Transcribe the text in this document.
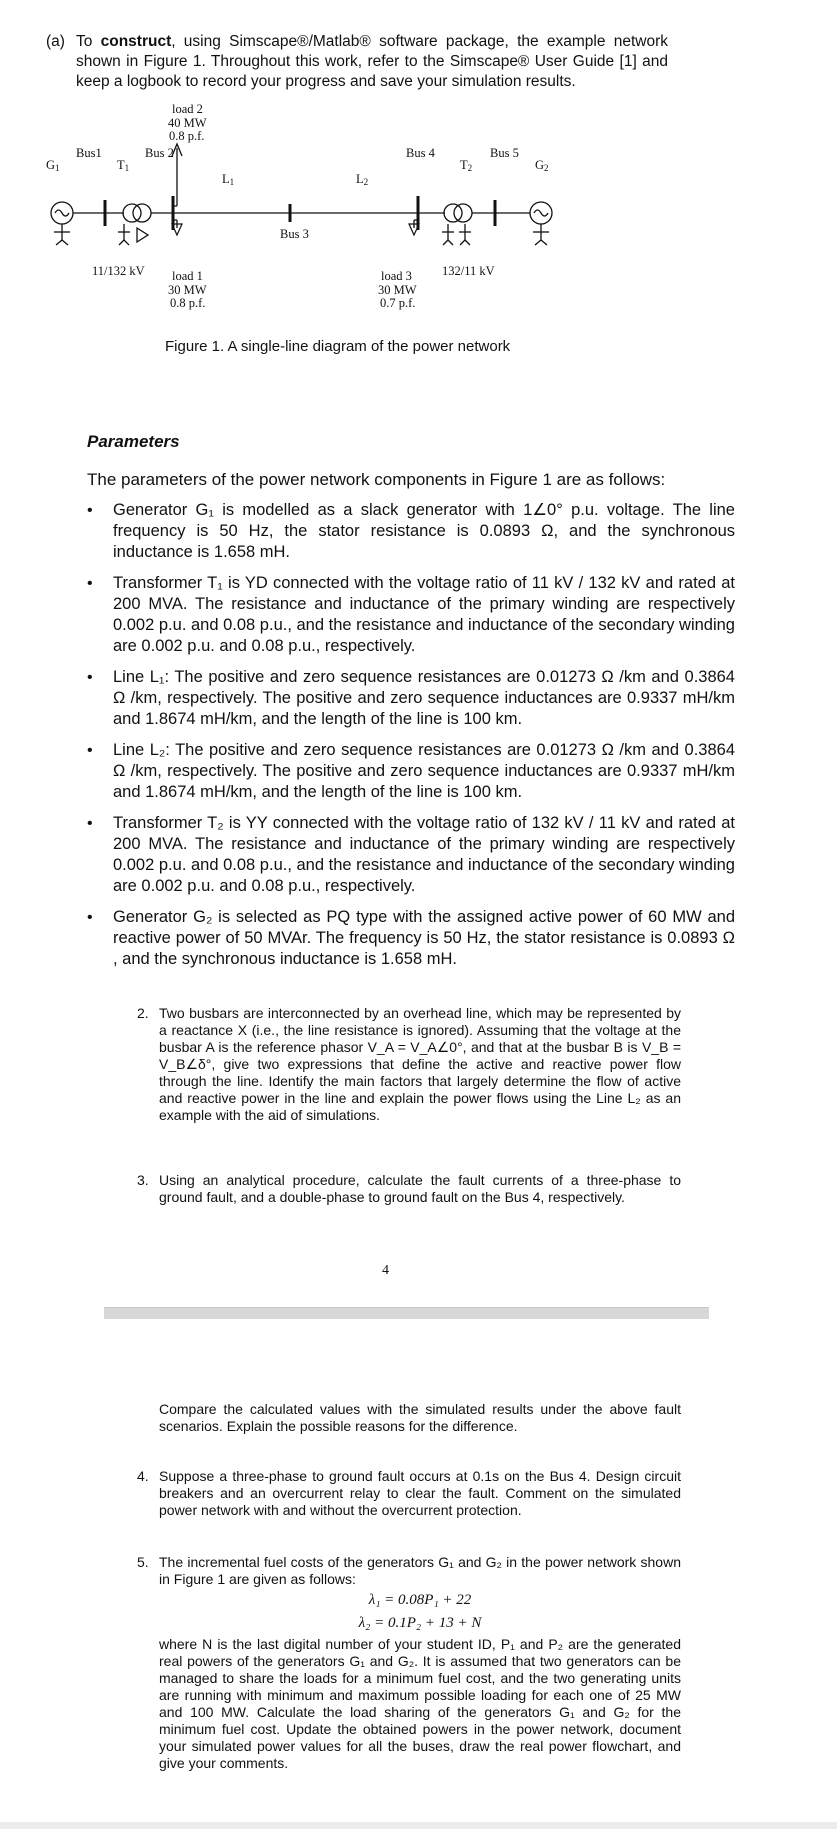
(a) To construct, using Simscape®/Matlab® software package, the example network shown in Figure 1. Throughout this work, refer to the Simscape® User Guide [1] and keep a logbook to record your progress and save your simulation results.
load 2
40 MW
0.8 p.f.
Bus1
$T_1$
Bus 2
$G_1$
$L_1$	$L_2$
Bus 3
Bus 4	Bus 5
$T_2$	$G_2$
11/132 kV	132/11 kV
load 1
30 MW
0.8 p.f.
load 3
30 MW
0.7 p.f.
Figure 1. A single-line diagram of the power network
Parameters
The parameters of the power network components in Figure 1 are as follows:
• Generator G₁ is modelled as a slack generator with 1∠0° p.u. voltage. The line frequency is 50 Hz, the stator resistance is 0.0893 Ω, and the synchronous inductance is 1.658 mH.
• Transformer T₁ is YD connected with the voltage ratio of 11 kV / 132 kV and rated at 200 MVA. The resistance and inductance of the primary winding are respectively 0.002 p.u. and 0.08 p.u., and the resistance and inductance of the secondary winding are 0.002 p.u. and 0.08 p.u., respectively.
• Line L₁: The positive and zero sequence resistances are 0.01273 Ω /km and 0.3864 Ω /km, respectively. The positive and zero sequence inductances are 0.9337 mH/km and 1.8674 mH/km, and the length of the line is 100 km.
• Line L₂: The positive and zero sequence resistances are 0.01273 Ω /km and 0.3864 Ω /km, respectively. The positive and zero sequence inductances are 0.9337 mH/km and 1.8674 mH/km, and the length of the line is 100 km.
• Transformer T₂ is YY connected with the voltage ratio of 132 kV / 11 kV and rated at 200 MVA. The resistance and inductance of the primary winding are respectively 0.002 p.u. and 0.08 p.u., and the resistance and inductance of the secondary winding are 0.002 p.u. and 0.08 p.u., respectively.
• Generator G₂ is selected as PQ type with the assigned active power of 60 MW and reactive power of 50 MVAr. The frequency is 50 Hz, the stator resistance is 0.0893 Ω , and the synchronous inductance is 1.658 mH.
2. Two busbars are interconnected by an overhead line, which may be represented by a reactance X (i.e., the line resistance is ignored). Assuming that the voltage at the busbar A is the reference phasor V_A = V_A∠0°, and that at the busbar B is V_B = V_B∠δ°, give two expressions that define the active and reactive power flow through the line. Identify the main factors that largely determine the flow of active and reactive power in the line and explain the power flows using the Line L₂ as an example with the aid of simulations.
3. Using an analytical procedure, calculate the fault currents of a three-phase to ground fault, and a double-phase to ground fault on the Bus 4, respectively.
4
Compare the calculated values with the simulated results under the above fault scenarios. Explain the possible reasons for the difference.
4. Suppose a three-phase to ground fault occurs at 0.1s on the Bus 4. Design circuit breakers and an overcurrent relay to clear the fault. Comment on the simulated power network with and without the overcurrent protection.
5. The incremental fuel costs of the generators G₁ and G₂ in the power network shown in Figure 1 are given as follows:
λ₁ = 0.08P₁ + 22
λ₂ = 0.1P₂ + 13 + N
where N is the last digital number of your student ID, P₁ and P₂ are the generated real powers of the generators G₁ and G₂. It is assumed that two generators can be managed to share the loads for a minimum fuel cost, and the two generating units are running with minimum and maximum possible loading for each one of 25 MW and 100 MW. Calculate the load sharing of the generators G₁ and G₂ for the minimum fuel cost. Update the obtained powers in the power network, document your simulated power values for all the buses, draw the real power flowchart, and give your comments.
